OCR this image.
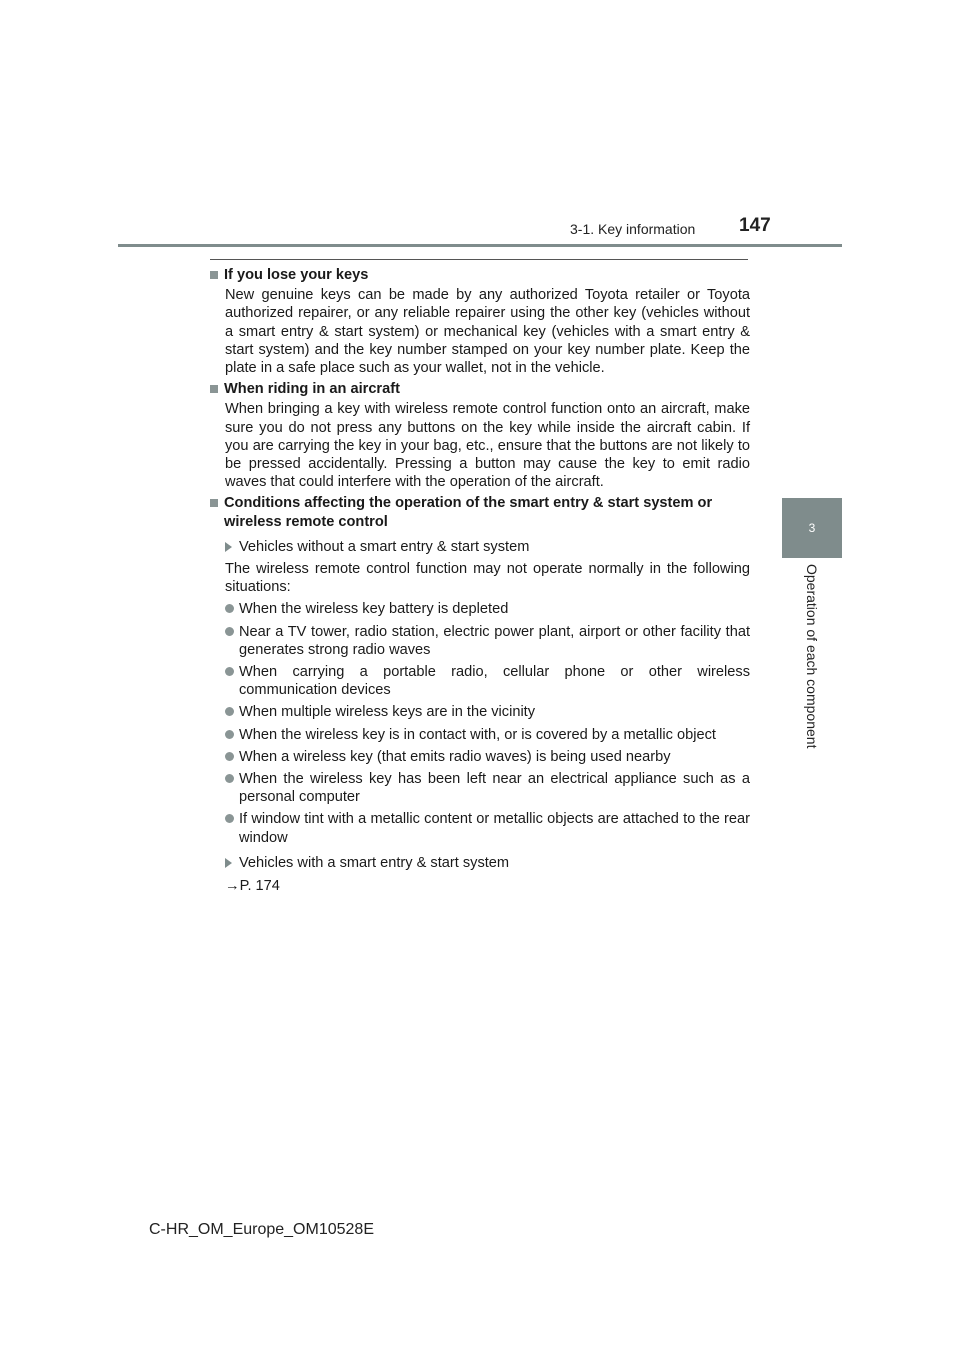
3-1. Key information 147
3
Operation of each component
If you lose your keys
New genuine keys can be made by any authorized Toyota retailer or Toyota authorized repairer, or any reliable repairer using the other key (vehicles without a smart entry & start system) or mechanical key (vehicles with a smart entry & start system) and the key number stamped on your key number plate. Keep the plate in a safe place such as your wallet, not in the vehicle.
When riding in an aircraft
When bringing a key with wireless remote control function onto an aircraft, make sure you do not press any buttons on the key while inside the aircraft cabin. If you are carrying the key in your bag, etc., ensure that the buttons are not likely to be pressed accidentally. Pressing a button may cause the key to emit radio waves that could interfere with the operation of the aircraft.
Conditions affecting the operation of the smart entry & start system or wireless remote control
Vehicles without a smart entry & start system
The wireless remote control function may not operate normally in the following situations:
When the wireless key battery is depleted
Near a TV tower, radio station, electric power plant, airport or other facility that generates strong radio waves
When carrying a portable radio, cellular phone or other wireless communication devices
When multiple wireless keys are in the vicinity
When the wireless key is in contact with, or is covered by a metallic object
When a wireless key (that emits radio waves) is being used nearby
When the wireless key has been left near an electrical appliance such as a personal computer
If window tint with a metallic content or metallic objects are attached to the rear window
Vehicles with a smart entry & start system
→P. 174
C-HR_OM_Europe_OM10528E
